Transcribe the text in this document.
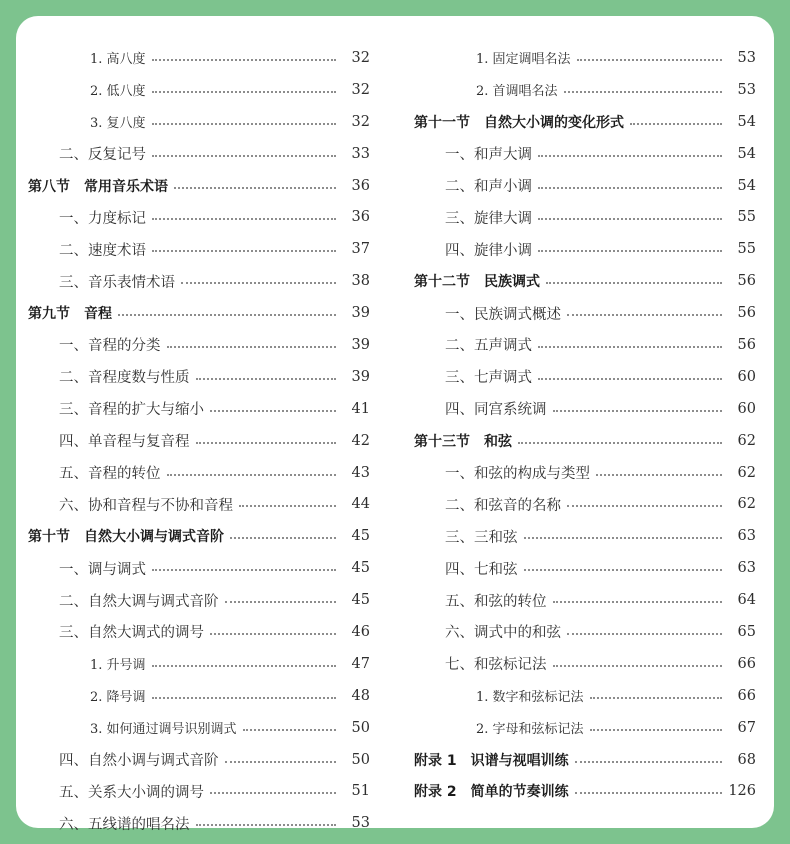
1. 高八度	32
2. 低八度	32
3. 复八度	32
二、反复记号	33
第八节　常用音乐术语	36
一、力度标记	36
二、速度术语	37
三、音乐表情术语	38
第九节　音程	39
一、音程的分类	39
二、音程度数与性质	39
三、音程的扩大与缩小	41
四、单音程与复音程	42
五、音程的转位	43
六、协和音程与不协和音程	44
第十节　自然大小调与调式音阶	45
一、调与调式	45
二、自然大调与调式音阶	45
三、自然大调式的调号	46
1. 升号调	47
2. 降号调	48
3. 如何通过调号识别调式	50
四、自然小调与调式音阶	50
五、关系大小调的调号	51
六、五线谱的唱名法	53
1. 固定调唱名法	53
2. 首调唱名法	53
第十一节　自然大小调的变化形式	54
一、和声大调	54
二、和声小调	54
三、旋律大调	55
四、旋律小调	55
第十二节　民族调式	56
一、民族调式概述	56
二、五声调式	56
三、七声调式	60
四、同宫系统调	60
第十三节　和弦	62
一、和弦的构成与类型	62
二、和弦音的名称	62
三、三和弦	63
四、七和弦	63
五、和弦的转位	64
六、调式中的和弦	65
七、和弦标记法	66
1. 数字和弦标记法	66
2. 字母和弦标记法	67
附录 1　识谱与视唱训练	68
附录 2　简单的节奏训练	126
